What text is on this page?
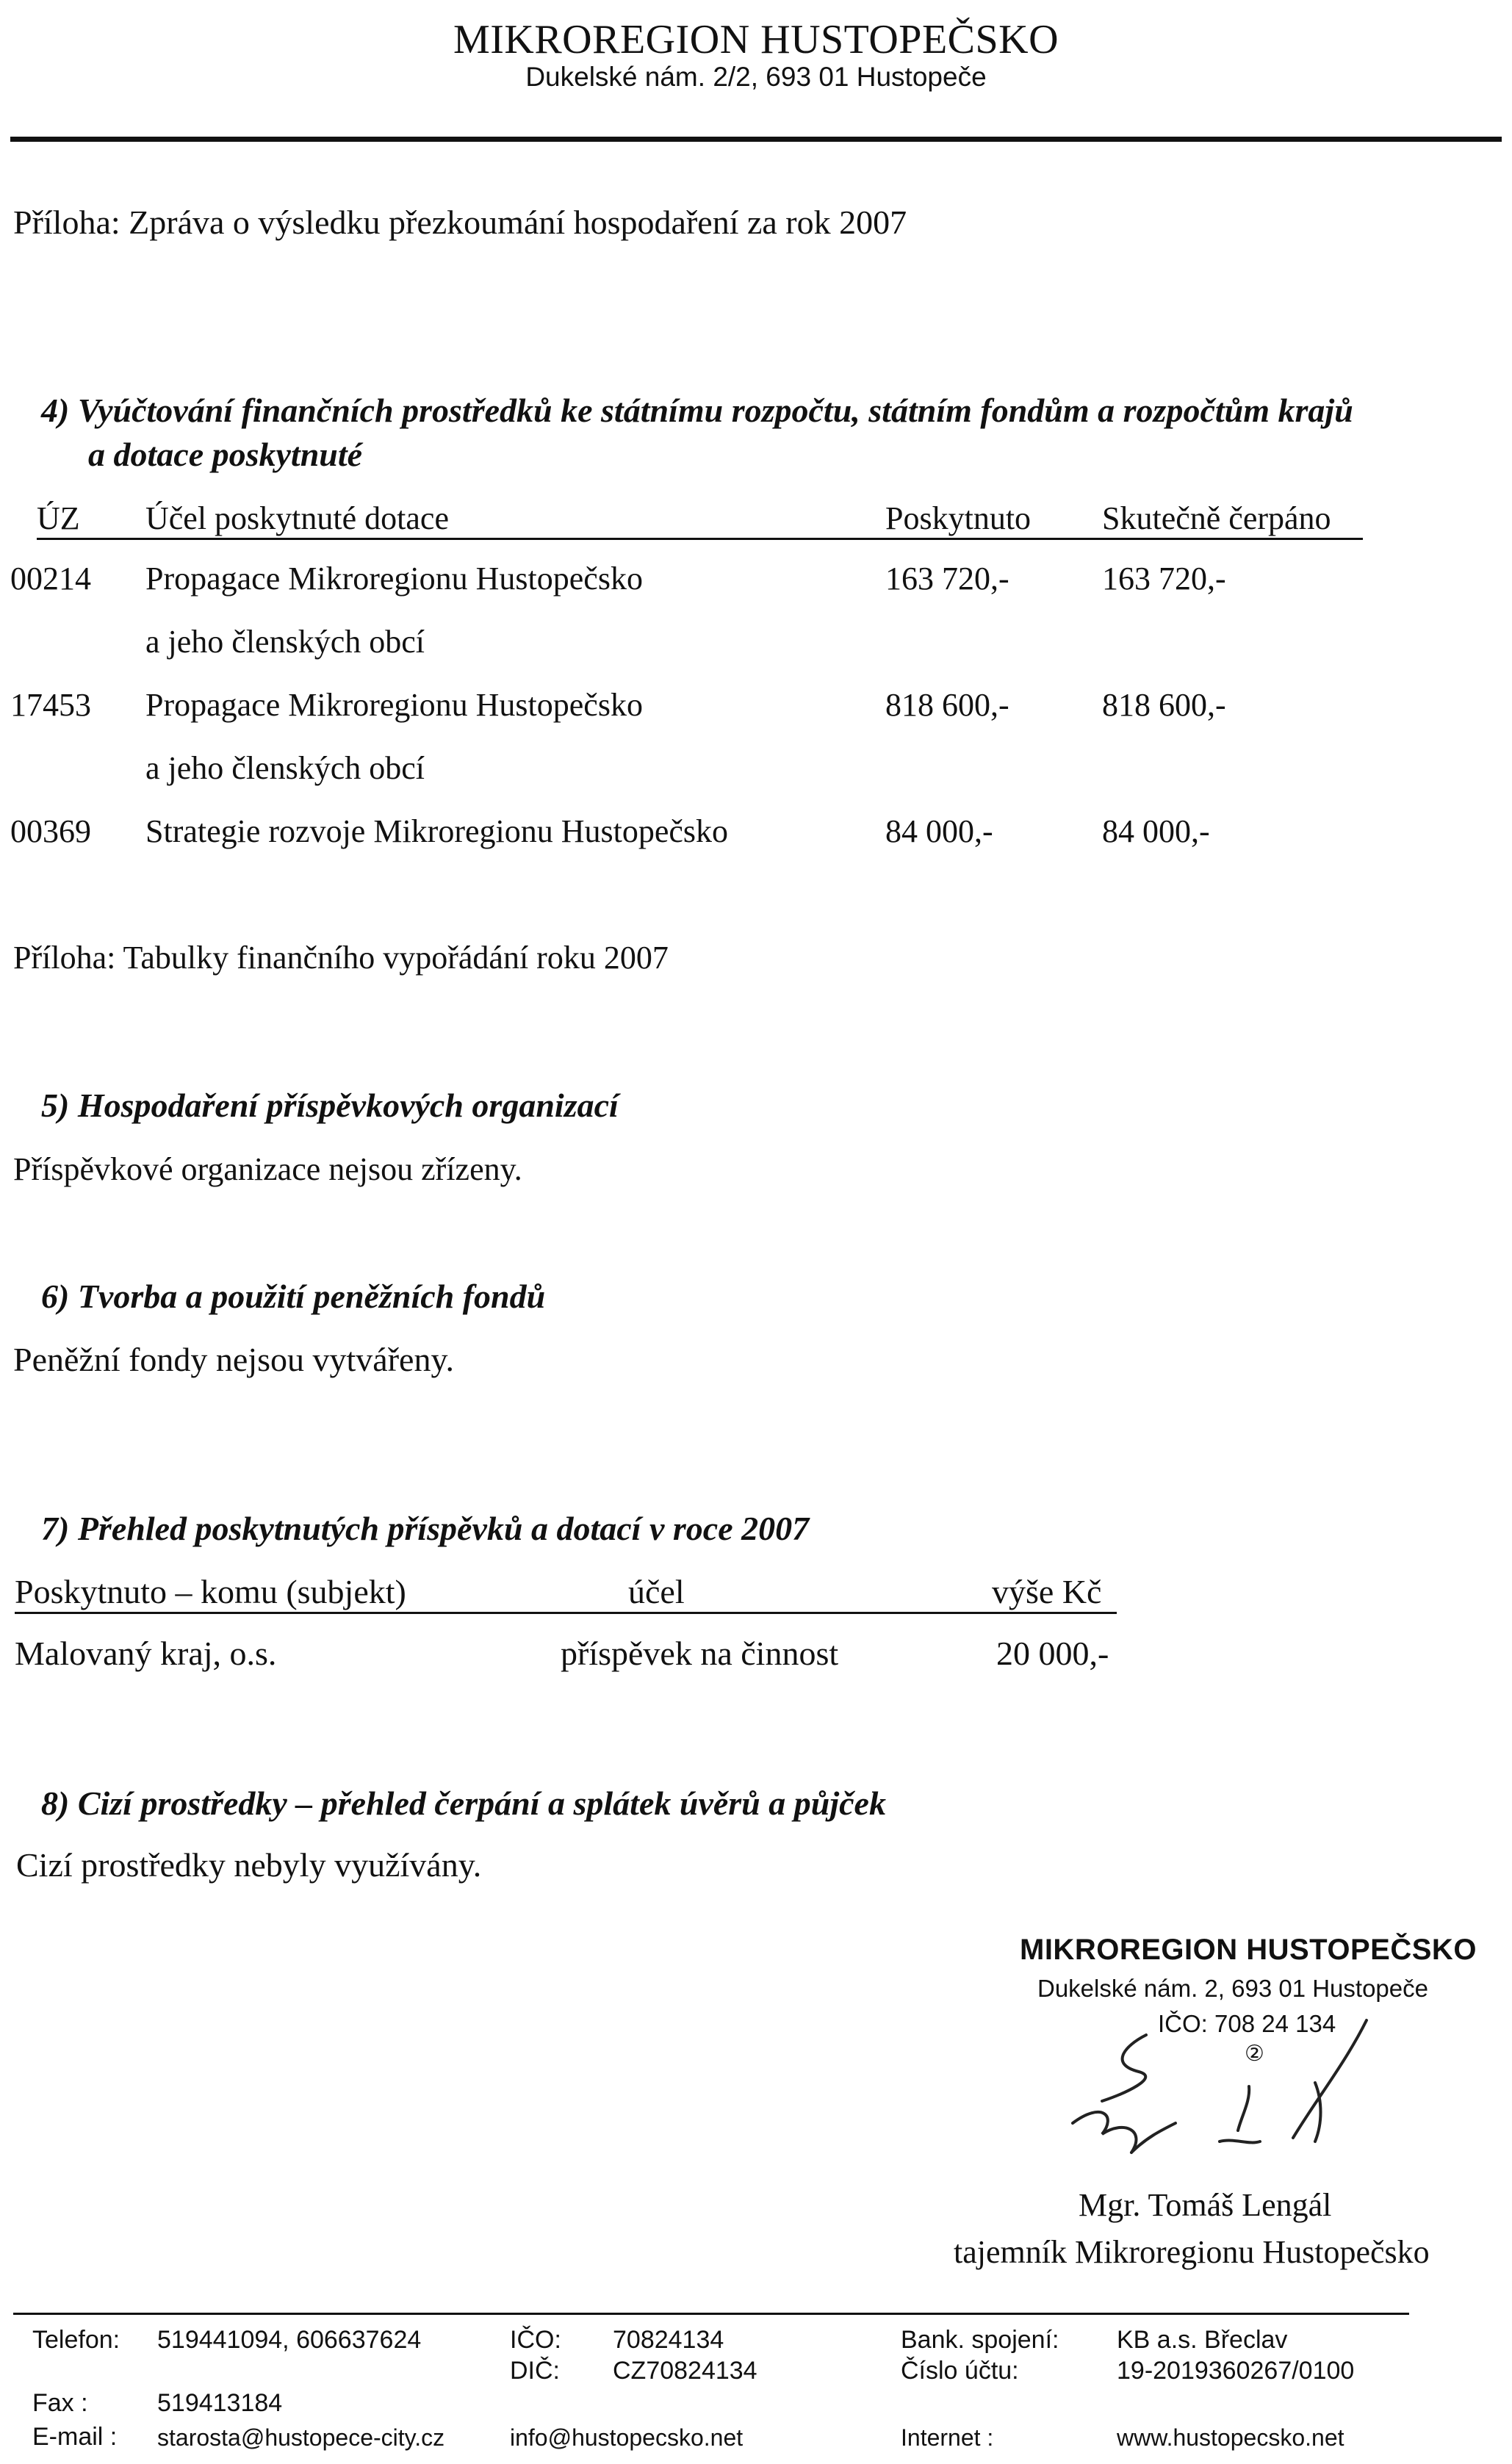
MIKROREGION HUSTOPEČSKO
Dukelské nám. 2/2, 693 01 Hustopeče
Příloha: Zpráva o výsledku přezkoumání hospodaření za rok 2007
4) Vyúčtování finančních prostředků ke státnímu rozpočtu, státním fondům a rozpočtům krajů
a dotace poskytnuté
ÚZ Účel poskytnuté dotace	Poskytnuto Skutečně čerpáno
00214 Propagace Mikroregionu Hustopečsko	163 720,-	163 720,-
a jeho členských obcí
17453 Propagace Mikroregionu Hustopečsko	818 600,-	818 600,-
a jeho členských obcí
00369 Strategie rozvoje Mikroregionu Hustopečsko	84 000,-	84 000,-
Příloha: Tabulky finančního vypořádání roku 2007
5) Hospodaření příspěvkových organizací
Příspěvkové organizace nejsou zřízeny.
6) Tvorba a použití peněžních fondů
Peněžní fondy nejsou vytvářeny.
7) Přehled poskytnutých příspěvků a dotací v roce 2007
Poskytnuto – komu (subjekt)	účel	výše Kč
Malovaný kraj, o.s.	příspěvek na činnost	20 000,-
8) Cizí prostředky – přehled čerpání a splátek úvěrů a půjček
Cizí prostředky nebyly využívány.
MIKROREGION HUSTOPEČSKO
Dukelské nám. 2, 693 01 Hustopeče
IČO: 708 24 134
②
Mgr. Tomáš Lengál
tajemník Mikroregionu Hustopečsko
Telefon: 519441094, 606637624
Fax :	519413184
E-mail : starosta@hustopece-city.cz
IČO: 70824134
DIČ: CZ70824134
info@hustopecsko.net
Bank. spojení: KB a.s. Břeclav
Číslo účtu:	19-2019360267/0100
Internet :	www.hustopecsko.net
